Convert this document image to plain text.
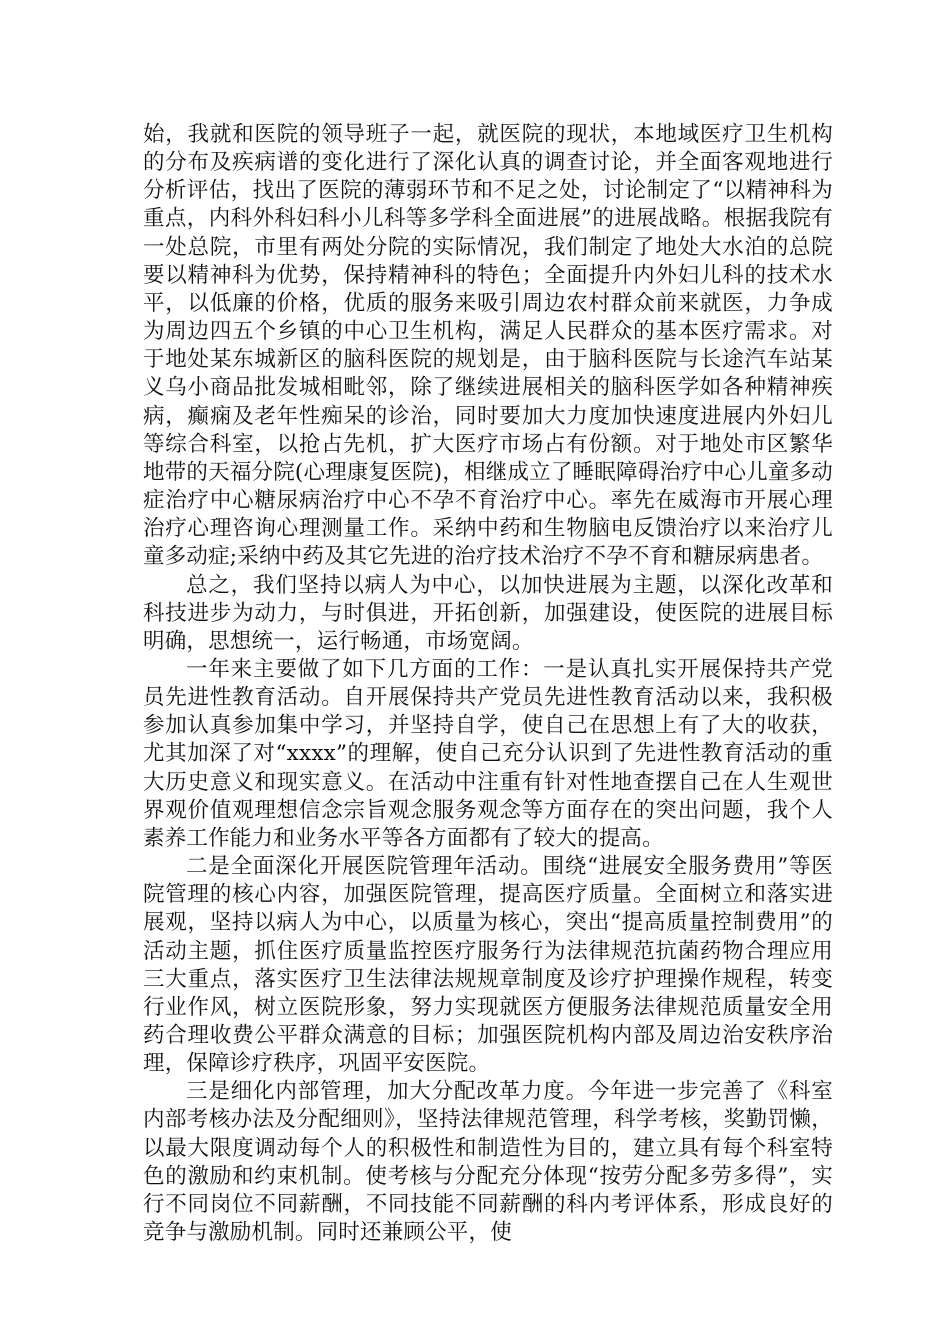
始，我就和医院的领导班子一起，就医院的现状，本地域医疗卫生机构的分布及疾病谱的变化进行了深化认真的调查讨论，并全面客观地进行分析评估，找出了医院的薄弱环节和不足之处，讨论制定了“以精神科为重点，内科外科妇科小儿科等多学科全面进展”的进展战略。根据我院有一处总院，市里有两处分院的实际情况，我们制定了地处大水泊的总院要以精神科为优势，保持精神科的特色；全面提升内外妇儿科的技术水平，以低廉的价格，优质的服务来吸引周边农村群众前来就医，力争成为周边四五个乡镇的中心卫生机构，满足人民群众的基本医疗需求。对于地处某东城新区的脑科医院的规划是，由于脑科医院与长途汽车站某义乌小商品批发城相毗邻，除了继续进展相关的脑科医学如各种精神疾病，癫痫及老年性痴呆的诊治，同时要加大力度加快速度进展内外妇儿等综合科室，以抢占先机，扩大医疗市场占有份额。对于地处市区繁华地带的天福分院(心理康复医院)，相继成立了睡眠障碍治疗中心儿童多动症治疗中心糖尿病治疗中心不孕不育治疗中心。率先在威海市开展心理治疗心理咨询心理测量工作。采纳中药和生物脑电反馈治疗以来治疗儿童多动症;采纳中药及其它先进的治疗技术治疗不孕不育和糖尿病患者。

总之，我们坚持以病人为中心，以加快进展为主题，以深化改革和科技进步为动力，与时俱进，开拓创新，加强建设，使医院的进展目标明确，思想统一，运行畅通，市场宽阔。

一年来主要做了如下几方面的工作：一是认真扎实开展保持共产党员先进性教育活动。自开展保持共产党员先进性教育活动以来，我积极参加认真参加集中学习，并坚持自学，使自己在思想上有了大的收获，尤其加深了对“xxxx”的理解，使自己充分认识到了先进性教育活动的重大历史意义和现实意义。在活动中注重有针对性地查摆自己在人生观世界观价值观理想信念宗旨观念服务观念等方面存在的突出问题，我个人素养工作能力和业务水平等各方面都有了较大的提高。

二是全面深化开展医院管理年活动。围绕“进展安全服务费用”等医院管理的核心内容，加强医院管理，提高医疗质量。全面树立和落实进展观，坚持以病人为中心，以质量为核心，突出“提高质量控制费用”的活动主题，抓住医疗质量监控医疗服务行为法律规范抗菌药物合理应用三大重点，落实医疗卫生法律法规规章制度及诊疗护理操作规程，转变行业作风，树立医院形象，努力实现就医方便服务法律规范质量安全用药合理收费公平群众满意的目标；加强医院机构内部及周边治安秩序治理，保障诊疗秩序，巩固平安医院。

三是细化内部管理，加大分配改革力度。今年进一步完善了《科室内部考核办法及分配细则》，坚持法律规范管理，科学考核，奖勤罚懒，以最大限度调动每个人的积极性和制造性为目的，建立具有每个科室特色的激励和约束机制。使考核与分配充分体现“按劳分配多劳多得”，实行不同岗位不同薪酬，不同技能不同薪酬的科内考评体系，形成良好的竞争与激励机制。同时还兼顾公平，使
